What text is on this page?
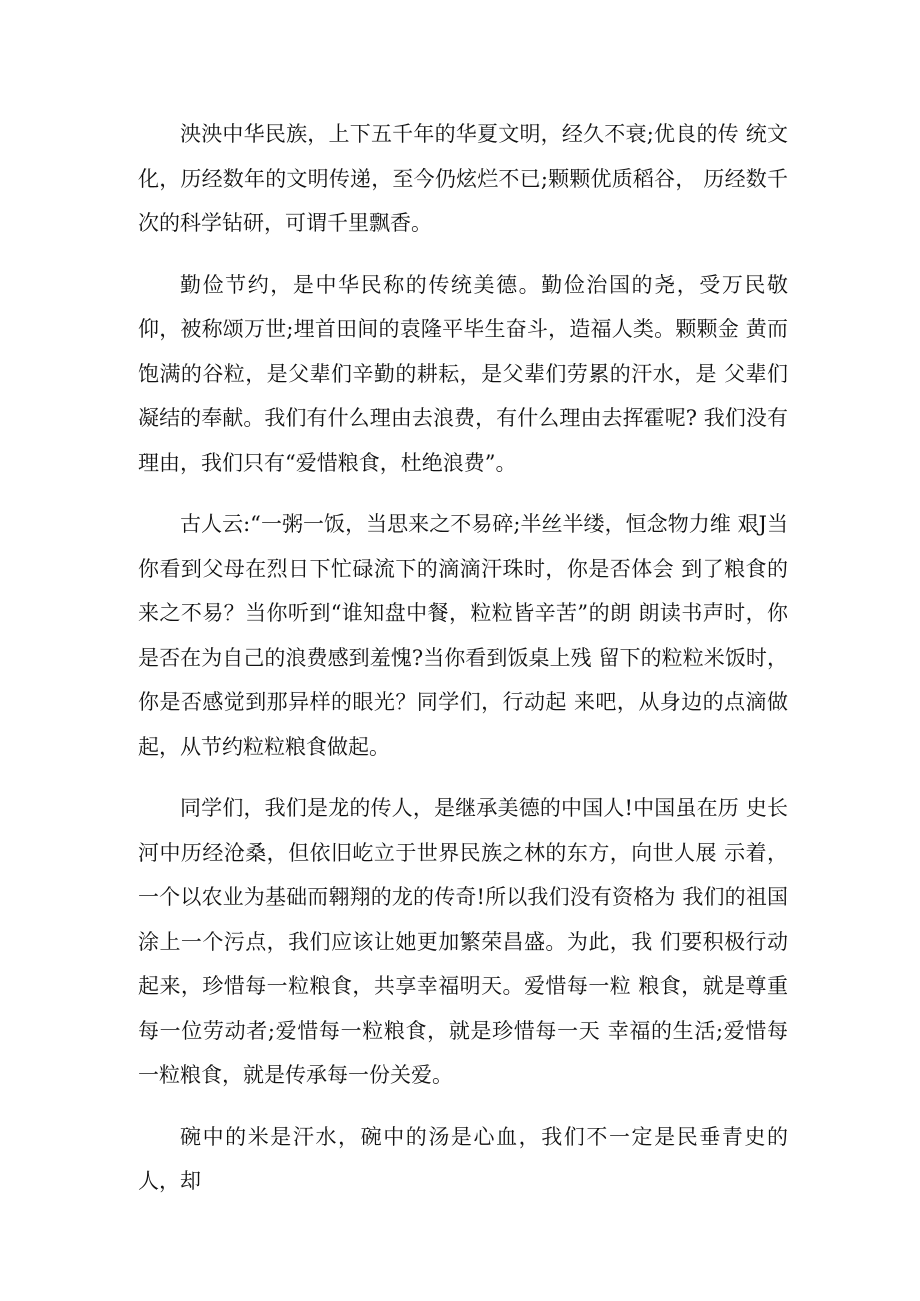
泱泱中华民族，上下五千年的华夏文明，经久不衰;优良的传 统文化，历经数年的文明传递，至今仍炫烂不已;颗颗优质稻谷， 历经数千次的科学钻研，可谓千里飘香。

勤俭节约，是中华民称的传统美德。勤俭治国的尧，受万民敬 仰，被称颂万世;埋首田间的袁隆平毕生奋斗，造福人类。颗颗金 黄而饱满的谷粒，是父辈们辛勤的耕耘，是父辈们劳累的汗水，是 父辈们凝结的奉献。我们有什么理由去浪费，有什么理由去挥霍呢? 我们没有理由，我们只有“爱惜粮食，杜绝浪费”。

古人云:“一粥一饭，当思来之不易碎;半丝半缕，恒念物力维 艰J当你看到父母在烈日下忙碌流下的滴滴汗珠时，你是否体会 到了粮食的来之不易？当你听到“谁知盘中餐，粒粒皆辛苦”的朗 朗读书声时，你是否在为自己的浪费感到羞愧?当你看到饭桌上残 留下的粒粒米饭时，你是否感觉到那异样的眼光？同学们，行动起 来吧，从身边的点滴做起，从节约粒粒粮食做起。

同学们，我们是龙的传人，是继承美德的中国人!中国虽在历 史长河中历经沧桑，但依旧屹立于世界民族之林的东方，向世人展 示着，一个以农业为基础而翱翔的龙的传奇!所以我们没有资格为 我们的祖国涂上一个污点，我们应该让她更加繁荣昌盛。为此，我 们要积极行动起来，珍惜每一粒粮食，共享幸福明天。爱惜每一粒 粮食，就是尊重每一位劳动者;爱惜每一粒粮食，就是珍惜每一天 幸福的生活;爱惜每一粒粮食，就是传承每一份关爱。

碗中的米是汗水，碗中的汤是心血，我们不一定是民垂青史的 人，却
